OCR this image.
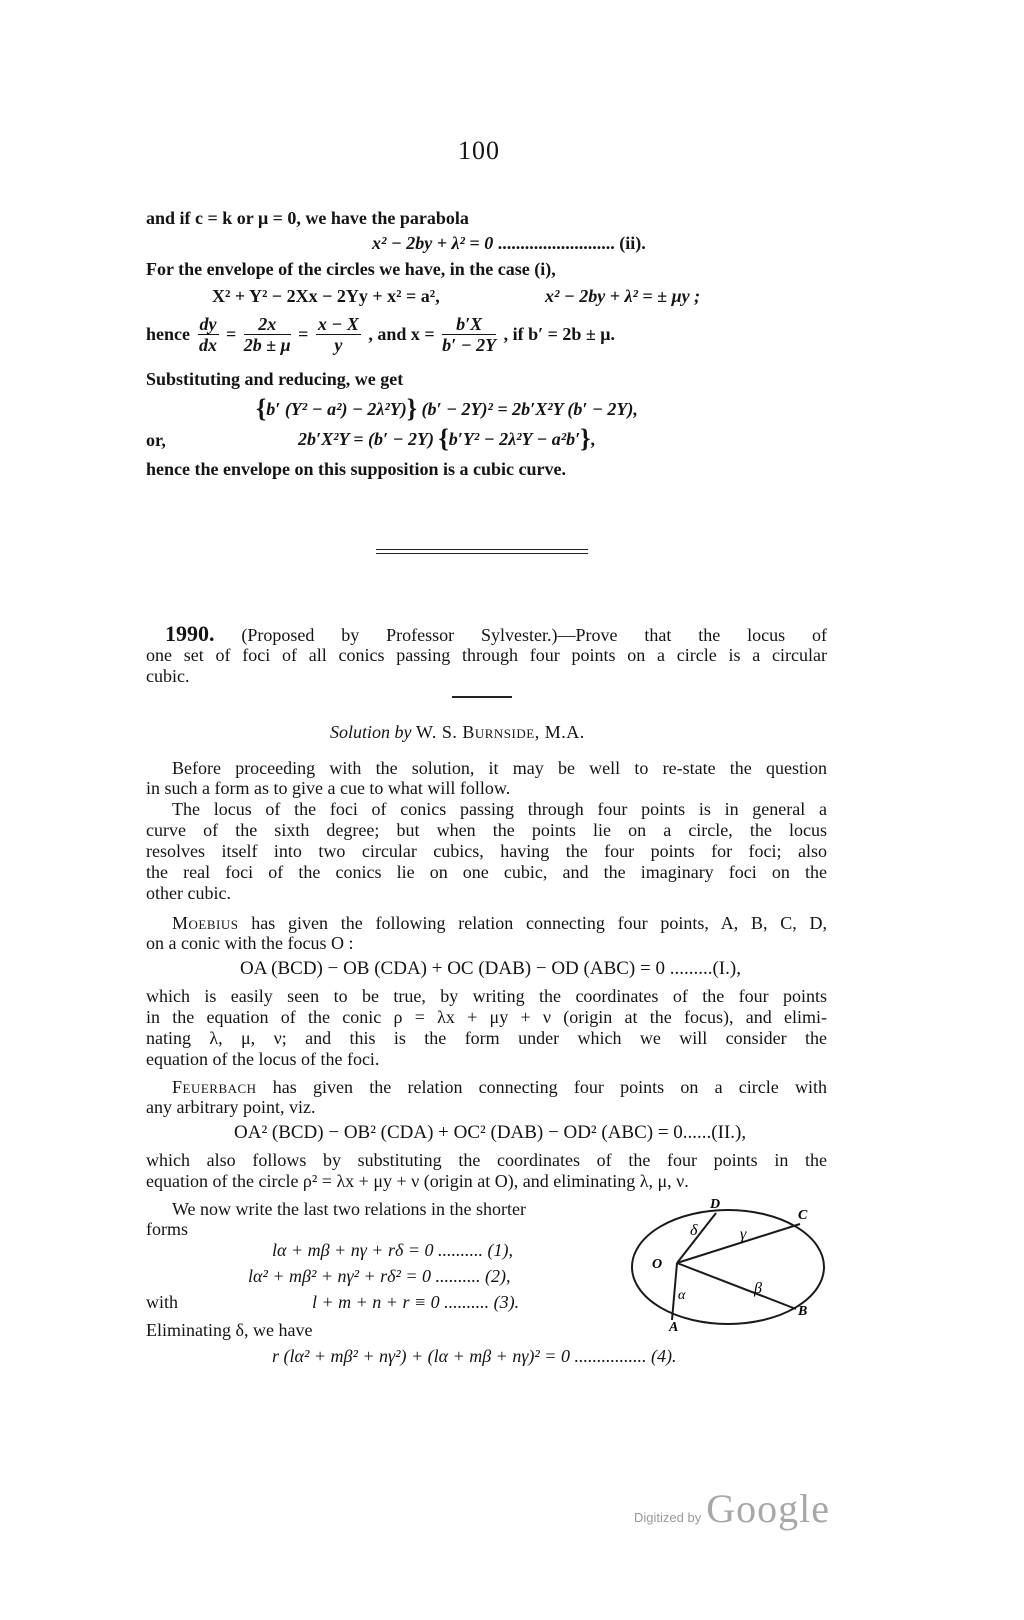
100
and if c = k or μ = 0, we have the parabola
x² − 2by + λ² = 0 .......................... (ii).
For the envelope of the circles we have, in the case (i),
X² + Y² − 2Xx − 2Yy + x² = a²,	x² − 2by + λ² = ± μy ;
hence $\frac{dy}{dx} = \frac{2x}{2b \pm \mu} = \frac{x - X}{y}$ , and $x = \frac{b'X}{b' - 2Y}$ , if b′ = 2b ± μ.
Substituting and reducing, we get
{b′ (Y² − a²) − 2λ²Y)} (b′ − 2Y)² = 2b′X²Y (b′ − 2Y),
or,	2b′X²Y = (b′ − 2Y) {b′Y² − 2λ²Y − a²b′},
hence the envelope on this supposition is a cubic curve.
1990. (Proposed by Professor Sylvester.)—Prove that the locus of
one set of foci of all conics passing through four points on a circle is a circular
cubic.
Solution by W. S. Burnside, M.A.
Before proceeding with the solution, it may be well to re-state the question
in such a form as to give a cue to what will follow.
The locus of the foci of conics passing through four points is in general a
curve of the sixth degree; but when the points lie on a circle, the locus
resolves itself into two circular cubics, having the four points for foci; also
the real foci of the conics lie on one cubic, and the imaginary foci on the
other cubic.
Moebius has given the following relation connecting four points, A, B, C, D,
on a conic with the focus O :
OA (BCD) − OB (CDA) + OC (DAB) − OD (ABC) = 0 .........(I.),
which is easily seen to be true, by writing the coordinates of the four points
in the equation of the conic ρ = λx + μy + ν (origin at the focus), and elimi-
nating λ, μ, ν; and this is the form under which we will consider the
equation of the locus of the foci.
Feuerbach has given the relation connecting four points on a circle with
any arbitrary point, viz.
OA² (BCD) − OB² (CDA) + OC² (DAB) − OD² (ABC) = 0......(II.),
which also follows by substituting the coordinates of the four points in the
equation of the circle ρ² = λx + μy + ν (origin at O), and eliminating λ, μ, ν.
We now write the last two relations in the shorter
forms
lα + mβ + nγ + rδ = 0 .......... (1),
lα² + mβ² + nγ² + rδ² = 0 .......... (2),
with	l + m + n + r ≡ 0 .......... (3).
Eliminating δ, we have
r (lα² + mβ² + nγ²) + (lα + mβ + nγ)² = 0 ................ (4).
D
C
O
A
B
δ	γ
β
α
Digitized by Google
